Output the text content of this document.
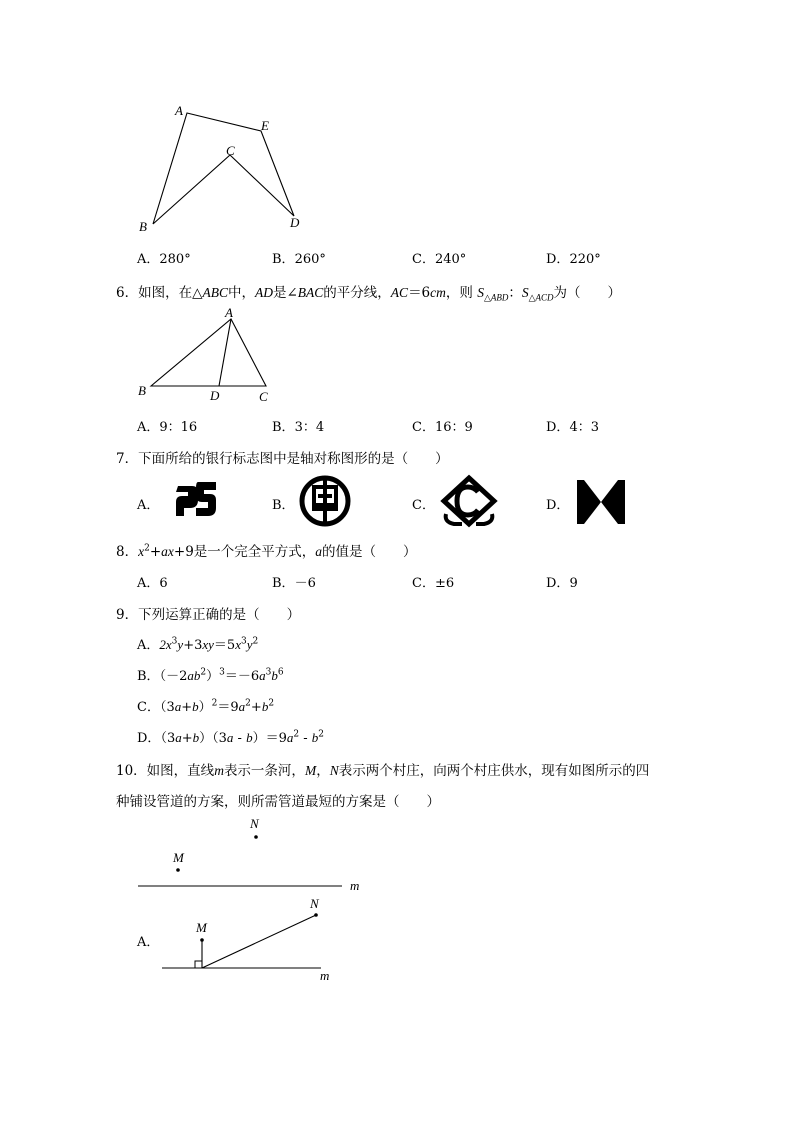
A
E
C
B	D
A．280°	B．260°	C．240°	D．220°
6．如图，在△ABC中，AD是∠BAC的平分线，AC＝6cm，则 $S_{\triangle ABD}$：$S_{\triangle ACD}$为（　　）
A
B	D	C
A．9：16	B．3：4	C．16：9	D．4：3
7．下面所给的银行标志图中是轴对称图形的是（　　）
A．	B．	C．	D．
8．$x^2+ax+9$是一个完全平方式，a的值是（　　）
A．6	B．－6	C．±6	D．9
9．下列运算正确的是（　　）
A．$2x^3y+3xy=5x^3y^2$
B．$(-2ab^2)^3=-6a^3b^6$
C．$(3a+b)^2=9a^2+b^2$
D．$(3a+b)(3a - b)=9a^2 - b^2$
10．如图，直线m表示一条河，M，N表示两个村庄，向两个村庄供水，现有如图所示的四
种铺设管道的方案，则所需管道最短的方案是（　　）
N
M
m
A．
N
M
m
